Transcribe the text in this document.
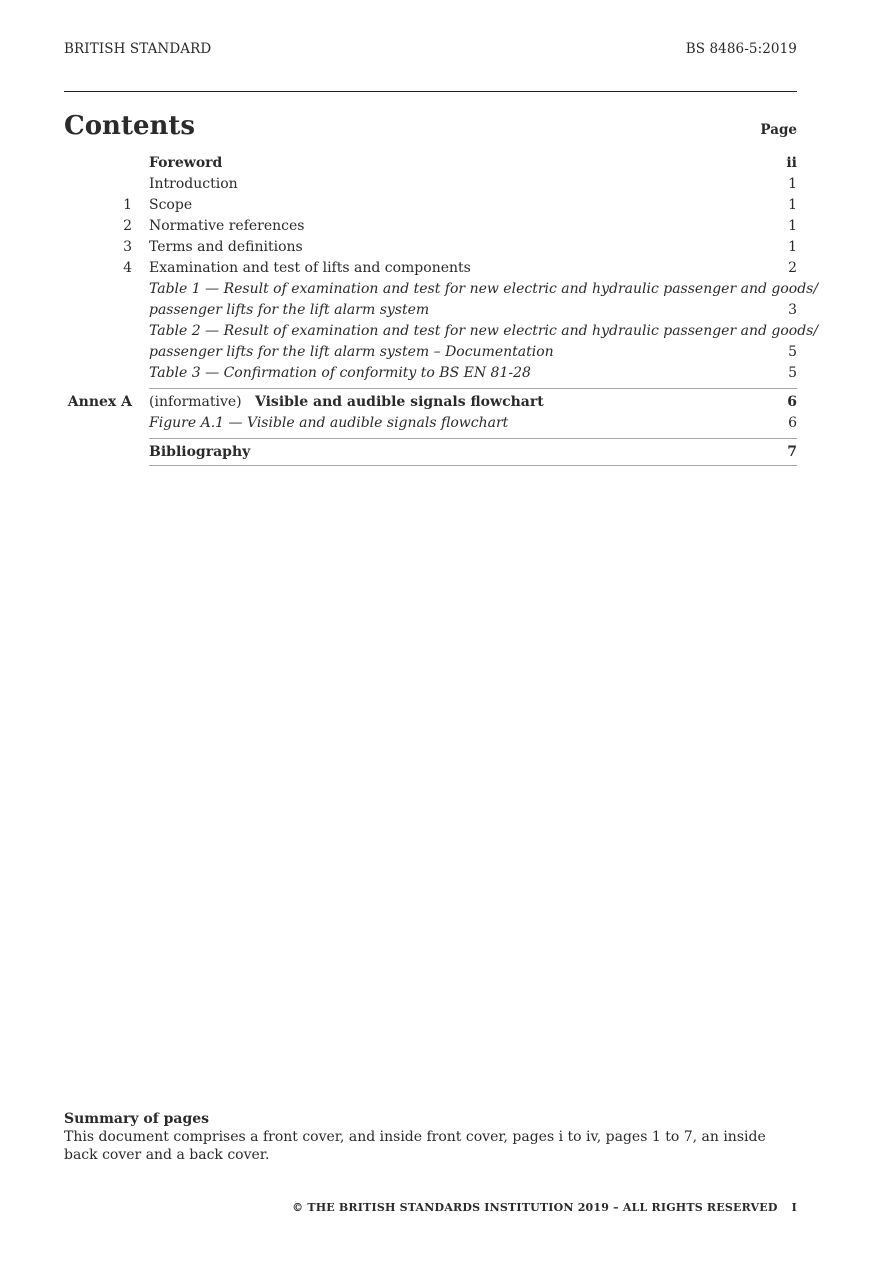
BRITISH STANDARD	BS 8486-5:2019
Contents	Page
Foreword	ii
Introduction	1
1 Scope	1
2 Normative references	1
3 Terms and definitions	1
4 Examination and test of lifts and components	2
Table 1 — Result of examination and test for new electric and hydraulic passenger and goods/
passenger lifts for the lift alarm system	3
Table 2 — Result of examination and test for new electric and hydraulic passenger and goods/
passenger lifts for the lift alarm system – Documentation	5
Table 3 — Confirmation of conformity to BS EN 81-28	5
Annex A (informative) Visible and audible signals flowchart	6
Figure A.1 — Visible and audible signals flowchart	6
Bibliography	7
Summary of pages
This document comprises a front cover, and inside front cover, pages i to iv, pages 1 to 7, an inside back cover and a back cover.
© THE BRITISH STANDARDS INSTITUTION 2019 – ALL RIGHTS RESERVED I
